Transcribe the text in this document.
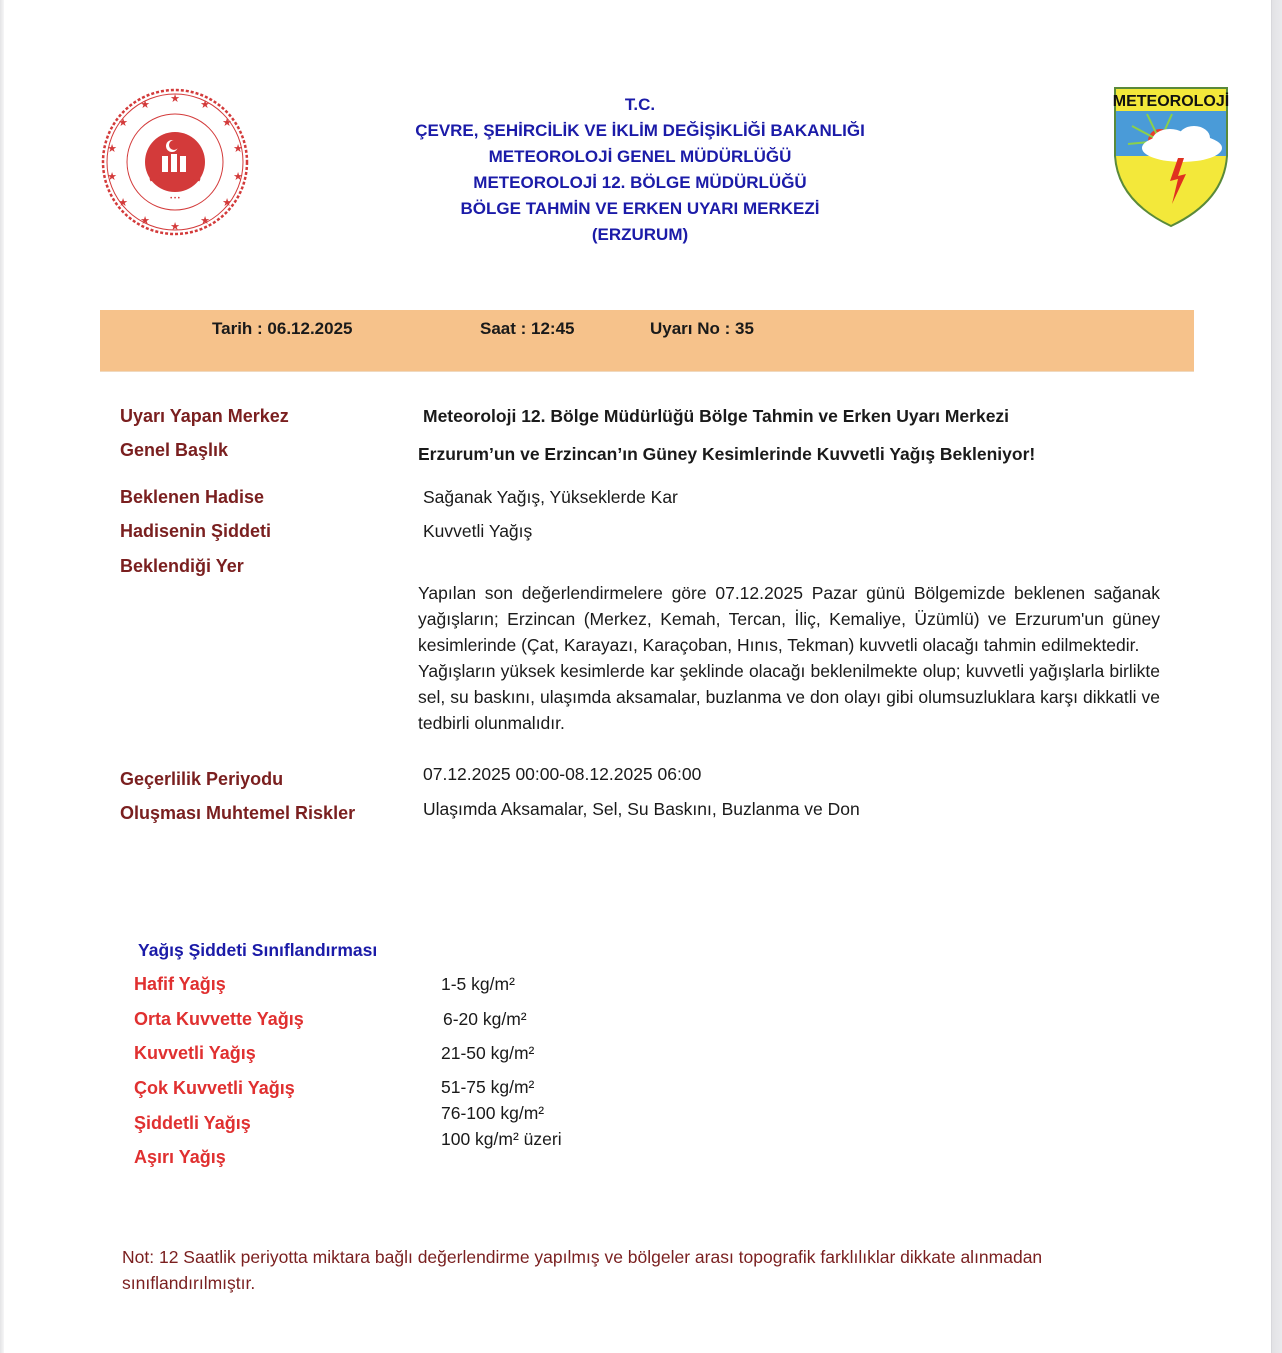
★ ★
★
★
★
★
★
★
★
★
★
★
★ ★
• • •
METEOROLOJİ
T.C.
ÇEVRE, ŞEHİRCİLİK VE İKLİM DEĞİŞİKLİĞİ BAKANLIĞI
METEOROLOJİ GENEL MÜDÜRLÜĞÜ
METEOROLOJİ 12. BÖLGE MÜDÜRLÜĞÜ
BÖLGE TAHMİN VE ERKEN UYARI MERKEZİ
(ERZURUM)
Tarih : 06.12.2025	Saat : 12:45	Uyarı No : 35
Uyarı Yapan Merkez	Meteoroloji 12. Bölge Müdürlüğü Bölge Tahmin ve Erken Uyarı Merkezi
Genel Başlık	Erzurum’un ve Erzincan’ın Güney Kesimlerinde Kuvvetli Yağış Bekleniyor!
Beklenen Hadise	Sağanak Yağış, Yükseklerde Kar
Hadisenin Şiddeti	Kuvvetli Yağış
Beklendiği Yer

Yapılan son değerlendirmelere göre 07.12.2025 Pazar günü Bölgemizde beklenen sağanak yağışların; Erzincan (Merkez, Kemah, Tercan, İliç, Kemaliye, Üzümlü) ve Erzurum'un güney kesimlerinde (Çat, Karayazı, Karaçoban, Hınıs, Tekman) kuvvetli olacağı tahmin edilmektedir.

Yağışların yüksek kesimlerde kar şeklinde olacağı beklenilmekte olup; kuvvetli yağışlarla birlikte sel, su baskını, ulaşımda aksamalar, buzlanma ve don olayı gibi olumsuzluklara karşı dikkatli ve tedbirli olunmalıdır.

Geçerlilik Periyodu	07.12.2025 00:00-08.12.2025 06:00
Oluşması Muhtemel Riskler	Ulaşımda Aksamalar, Sel, Su Baskını, Buzlanma ve Don
Yağış Şiddeti Sınıflandırması
Hafif Yağış	1-5 kg/m²
Orta Kuvvette Yağış	6-20 kg/m²
Kuvvetli Yağış	21-50 kg/m²
Çok Kuvvetli Yağış	51-75 kg/m²
Şiddetli Yağış	76-100 kg/m²
Aşırı Yağış
100 kg/m² üzeri
Not: 12 Saatlik periyotta miktara bağlı değerlendirme yapılmış ve bölgeler arası topografik farklılıklar dikkate alınmadan sınıflandırılmıştır.
